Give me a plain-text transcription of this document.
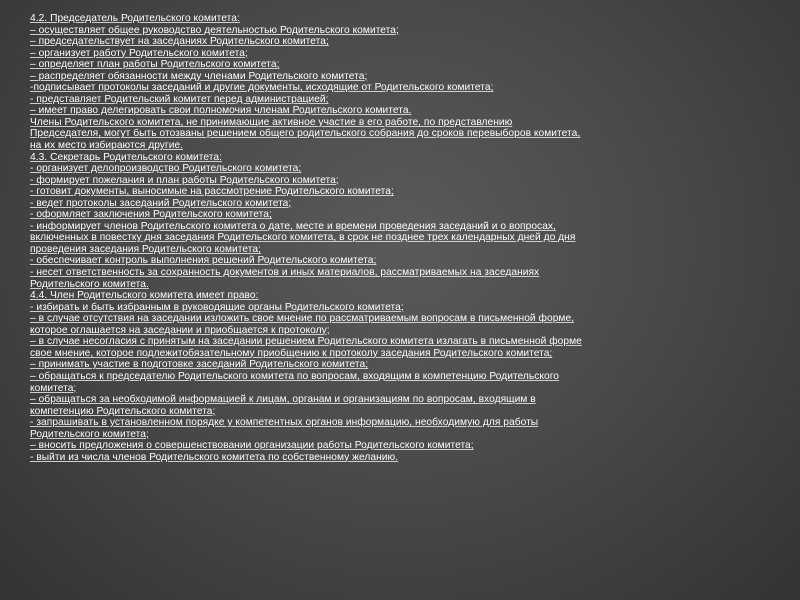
4.2. Председатель Родительского комитета:
– осуществляет общее руководство деятельностью Родительского комитета;
– председательствует на заседаниях Родительского комитета;
– организует работу Родительского комитета;
– определяет план работы Родительского комитета;
– распределяет обязанности между членами Родительского комитета;
-подписывает протоколы заседаний и другие документы, исходящие от Родительского комитета;
- представляет Родительский комитет перед администрацией;
– имеет право делегировать свои полномочия членам Родительского комитета.
Члены Родительского комитета, не принимающие активное участие в его работе, по представлению
Председателя, могут быть отозваны решением общего родительского собрания до сроков перевыборов комитета,
на их место избираются другие.
4.3. Секретарь Родительского комитета:
- организует делопроизводство Родительского комитета;
- формирует пожелания и план работы Родительского комитета;
- готовит документы, выносимые на рассмотрение Родительского комитета;
- ведет протоколы заседаний Родительского комитета;
- оформляет заключения Родительского комитета;
- информирует членов Родительского комитета о дате, месте и времени проведения заседаний и о вопросах,
включенных в повестку дня заседания Родительского комитета, в срок не позднее трех календарных дней до дня
проведения заседания Родительского комитета;
- обеспечивает контроль выполнения решений Родительского комитета;
- несет ответственность за сохранность документов и иных материалов, рассматриваемых на заседаниях
Родительского комитета.
4.4. Член Родительского комитета имеет право:
- избирать и быть избранным в руководящие органы Родительского комитета;
– в случае отсутствия на заседании изложить свое мнение по рассматриваемым вопросам в письменной форме,
которое оглашается на заседании и приобщается к протоколу;
– в случае несогласия с принятым на заседании решением Родительского комитета излагать в письменной форме
свое мнение, которое подлежитобязательному приобщению к протоколу заседания Родительского комитета;
– принимать участие в подготовке заседаний Родительского комитета;
– обращаться к председателю Родительского комитета по вопросам, входящим в компетенцию Родительского
комитета;
– обращаться за необходимой информацией к лицам, органам и организациям по вопросам, входящим в
компетенцию Родительского комитета;
- запрашивать в установленном порядке у компетентных органов информацию, необходимую для работы
Родительского комитета;
– вносить предложения о совершенствовании организации работы Родительского комитета;
- выйти из числа членов Родительского комитета по собственному желанию.
